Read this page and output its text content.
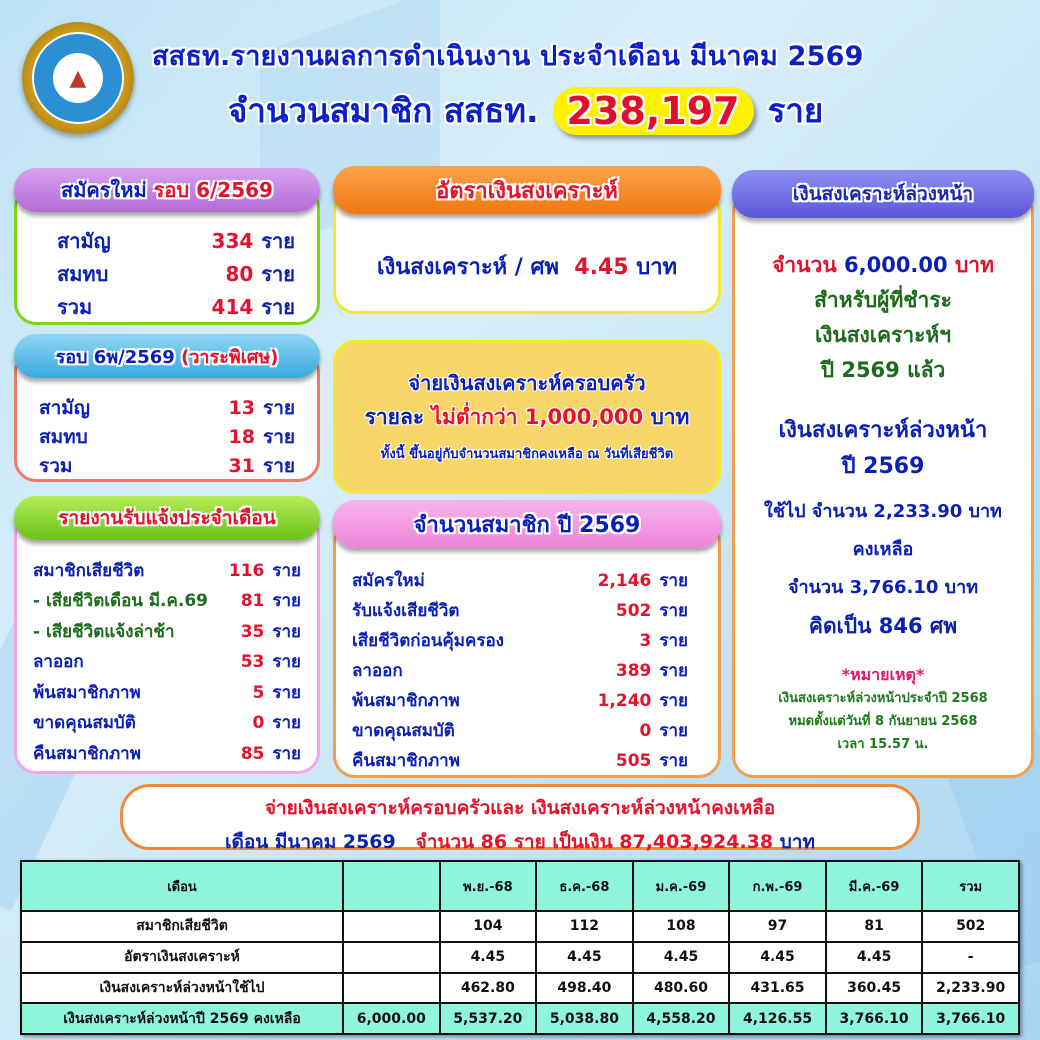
▲
สสธท.รายงานผลการดำเนินงาน ประจำเดือน มีนาคม 2569
จำนวนสมาชิก สสธท. 238,197 ราย
สามัญ	334 ราย
สมทบ	80 ราย
รวม	414 ราย
สมัครใหม่
รอบ 6/2569
สามัญ	13 ราย
สมทบ	18 ราย
รวม	31 ราย
รอบ 6พ/2569
(วาระพิเศษ)
สมาชิกเสียชีวิต	116 ราย
- เสียชีวิตเดือน มี.ค.69 81 ราย
- เสียชีวิตแจ้งล่าช้า	35 ราย
ลาออก	53 ราย
พ้นสมาชิกภาพ	5 ราย
ขาดคุณสมบัติ	0 ราย
คืนสมาชิกภาพ	85 ราย
รายงานรับแจ้งประจำเดือน
เงินสงเคราะห์ / ศพ 4.45 บาท
อัตราเงินสงเคราะห์
จ่ายเงินสงเคราะห์ครอบครัว
รายละ ไม่ต่ำกว่า 1,000,000 บาท
ทั้งนี้ ขึ้นอยู่กับจำนวนสมาชิกคงเหลือ ณ วันที่เสียชีวิต
สมัครใหม่	2,146 ราย
รับแจ้งเสียชีวิต	502 ราย
เสียชีวิตก่อนคุ้มครอง	3 ราย
ลาออก	389 ราย
พ้นสมาชิกภาพ	1,240 ราย
ขาดคุณสมบัติ	0 ราย
คืนสมาชิกภาพ	505 ราย
จำนวนสมาชิก ปี 2569
จำนวน 6,000.00 บาท
สำหรับผู้ที่ชำระ
เงินสงเคราะห์ฯ
ปี 2569 แล้ว
เงินสงเคราะห์ล่วงหน้า
ปี 2569
ใช้ไป จำนวน 2,233.90 บาท
คงเหลือ
จำนวน 3,766.10 บาท
คิดเป็น 846 ศพ
*หมายเหตุ*
เงินสงเคราะห์ล่วงหน้าประจำปี 2568
หมดตั้งแต่วันที่ 8 กันยายน 2568
เวลา 15.57 น.
เงินสงเคราะห์ล่วงหน้า
จ่ายเงินสงเคราะห์ครอบครัวและ เงินสงเคราะห์ล่วงหน้าคงเหลือ
เดือน มีนาคม 2569 จำนวน 86 ราย เป็นเงิน 87,403,924.38 บาท
เดือน		พ.ย.-68	ธ.ค.-68	ม.ค.-69	ก.พ.-69	มี.ค.-69	รวม
สมาชิกเสียชีวิต		104	112	108	97	81	502
อัตราเงินสงเคราะห์		4.45	4.45	4.45	4.45	4.45	-
เงินสงเคราะห์ล่วงหน้าใช้ไป		462.80	498.40	480.60	431.65	360.45	2,233.90
เงินสงเคราะห์ล่วงหน้าปี 2569 คงเหลือ	6,000.00	5,537.20	5,038.80	4,558.20	4,126.55	3,766.10	3,766.10
